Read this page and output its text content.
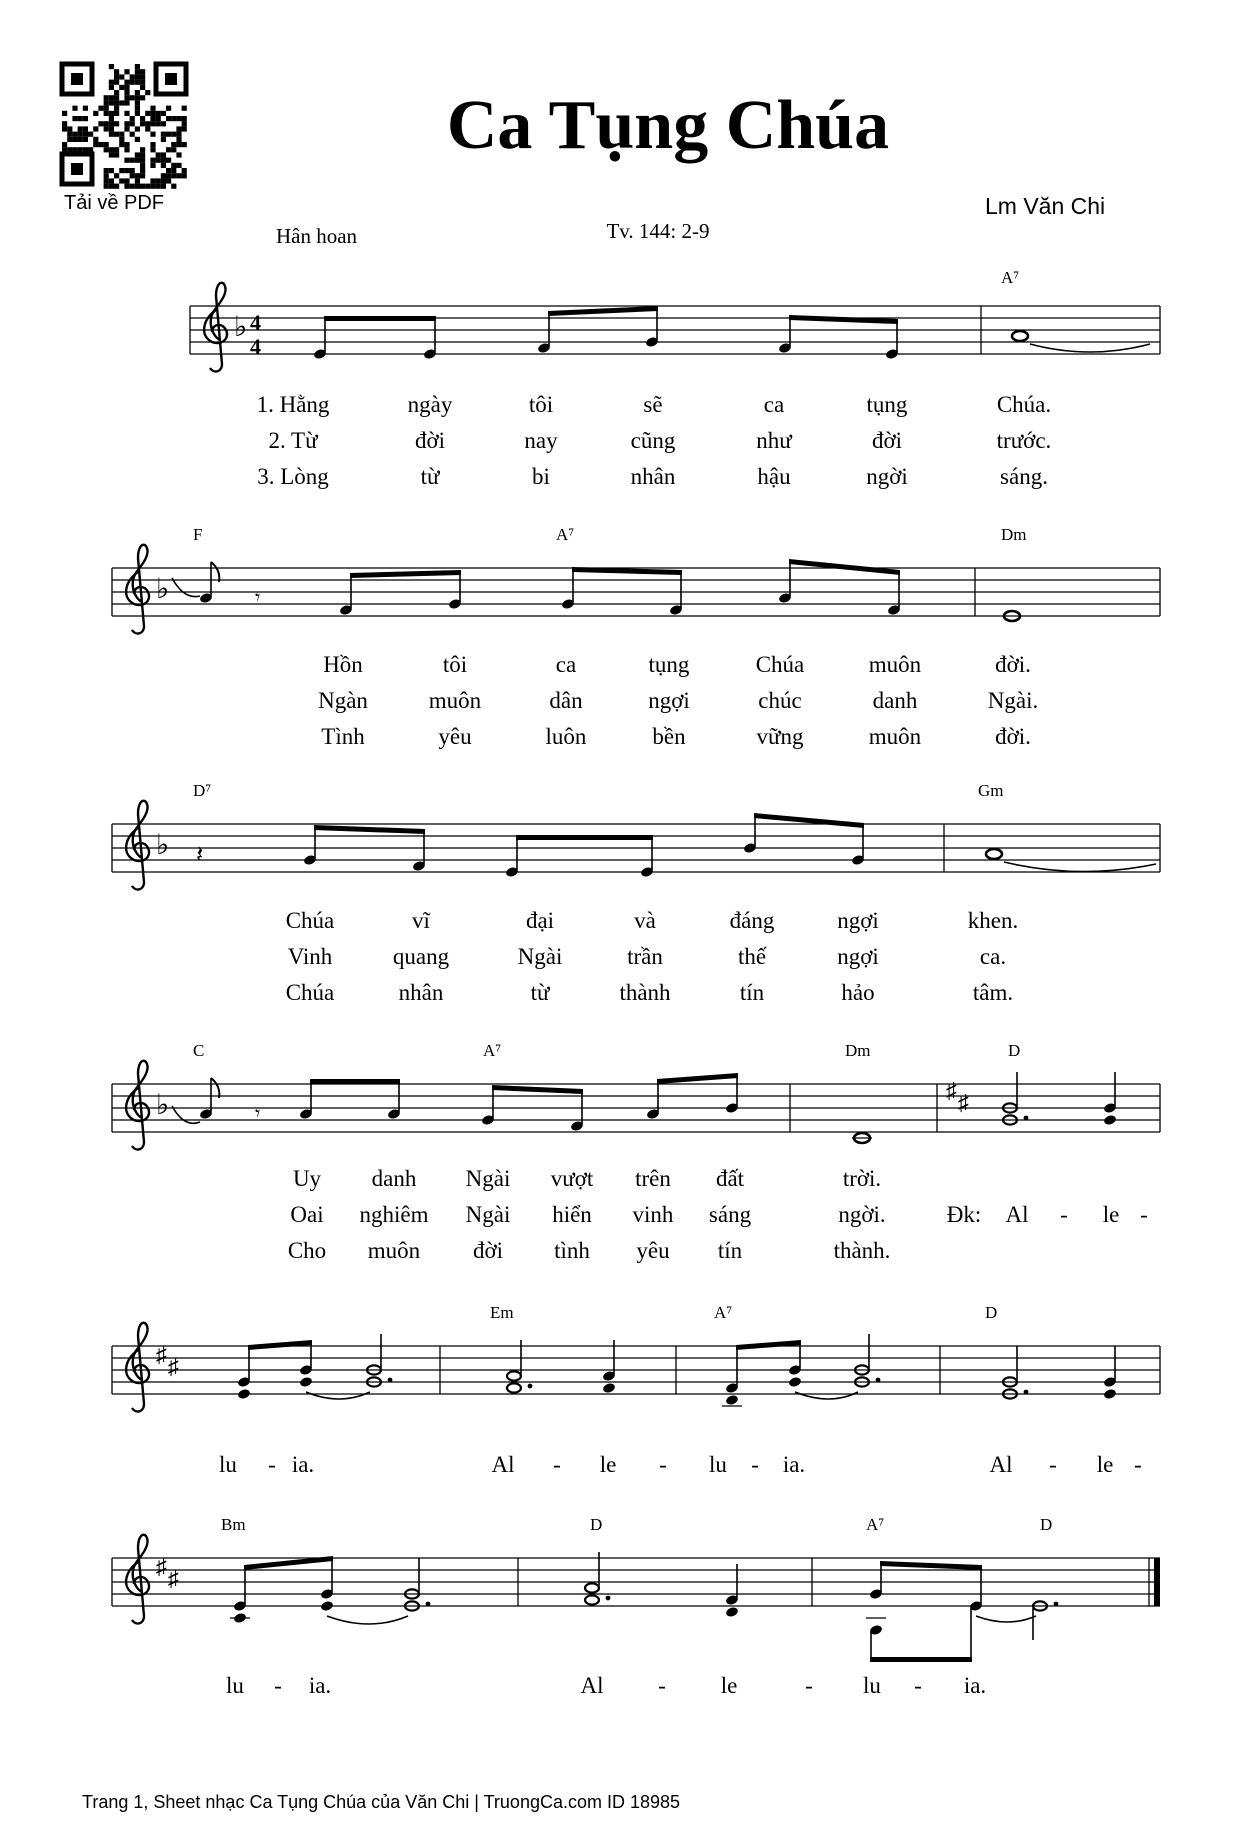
Tải về PDF
Ca Tụng Chúa
Lm Văn Chi
Hân hoan	Tv. 144: 2-9
♭ 4
4
A⁷
♭	𝄾
F	A⁷	Dm
♭ 𝄽
D⁷	Gm
♭	𝄾
♯ ♯
C	A⁷	Dm	D
♯ ♯
Em	A⁷	D
♯ ♯
Bm	D	A⁷	D
1. Hằng	ngày	tôi	sẽ	ca	tụng	Chúa.
2. Từ	đời	nay	cũng	như	đời	trước.
3. Lòng	từ	bi	nhân	hậu	ngời	sáng.
Hồn	tôi	ca	tụng	Chúa	muôn	đời.
Ngàn	muôn	dân	ngợi	chúc	danh	Ngài.
Tình	yêu	luôn	bền	vững	muôn	đời.
Chúa	vĩ	đại	và	đáng	ngợi	khen.
Vinh	quang	Ngài	trần	thế	ngợi	ca.
Chúa	nhân	từ	thành	tín	hảo	tâm.
Uy danh Ngài vượt trên đất	trời.
Oai nghiêm Ngài hiển vinh sáng	ngời.	Đk: Al - le -
Cho muôn đời tình yêu tín	thành.
lu - ia.	Al - le - lu - ia.	Al - le -
lu - ia.	Al - le	- lu - ia.
Trang 1, Sheet nhạc Ca Tụng Chúa của Văn Chi | TruongCa.com ID 18985
